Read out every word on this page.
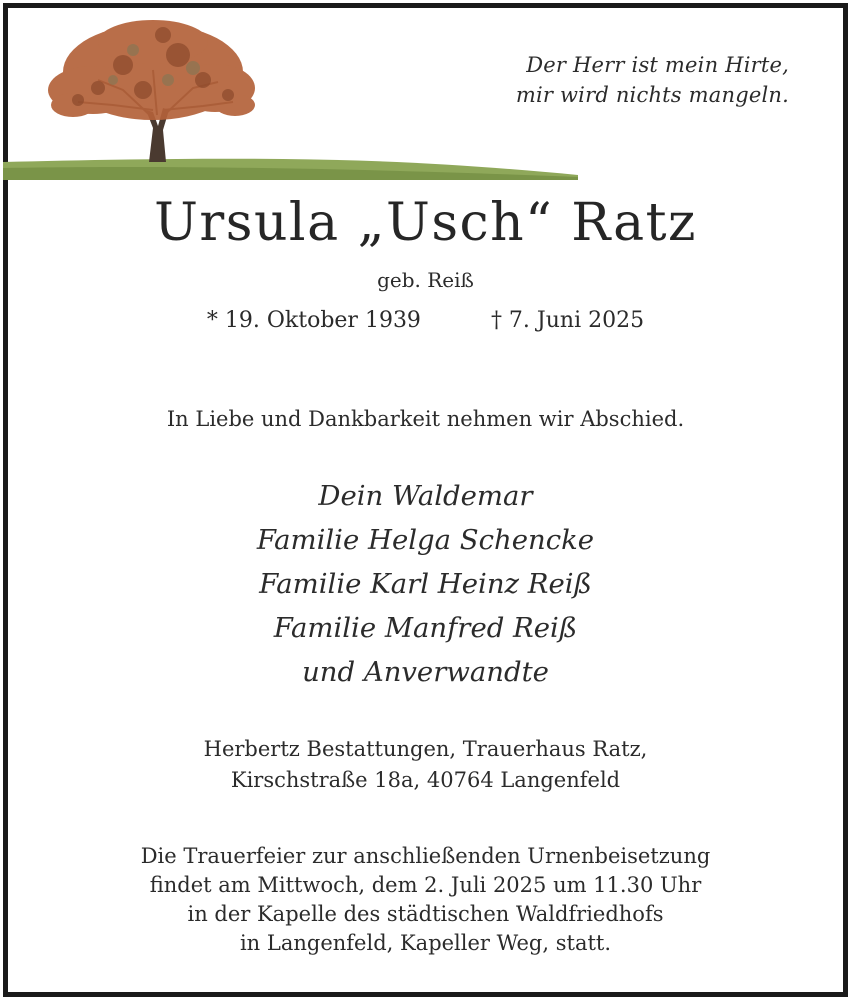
Der Herr ist mein Hirte,
mir wird nichts mangeln.
Ursula „Usch“ Ratz
geb. Reiß
* 19. Oktober 1939	† 7. Juni 2025
In Liebe und Dankbarkeit nehmen wir Abschied.
Dein Waldemar
Familie Helga Schencke
Familie Karl Heinz Reiß
Familie Manfred Reiß
und Anverwandte
Herbertz Bestattungen, Trauerhaus Ratz,
Kirschstraße 18a, 40764 Langenfeld
Die Trauerfeier zur anschließenden Urnenbeisetzung
findet am Mittwoch, dem 2. Juli 2025 um 11.30 Uhr
in der Kapelle des städtischen Waldfriedhofs
in Langenfeld, Kapeller Weg, statt.
